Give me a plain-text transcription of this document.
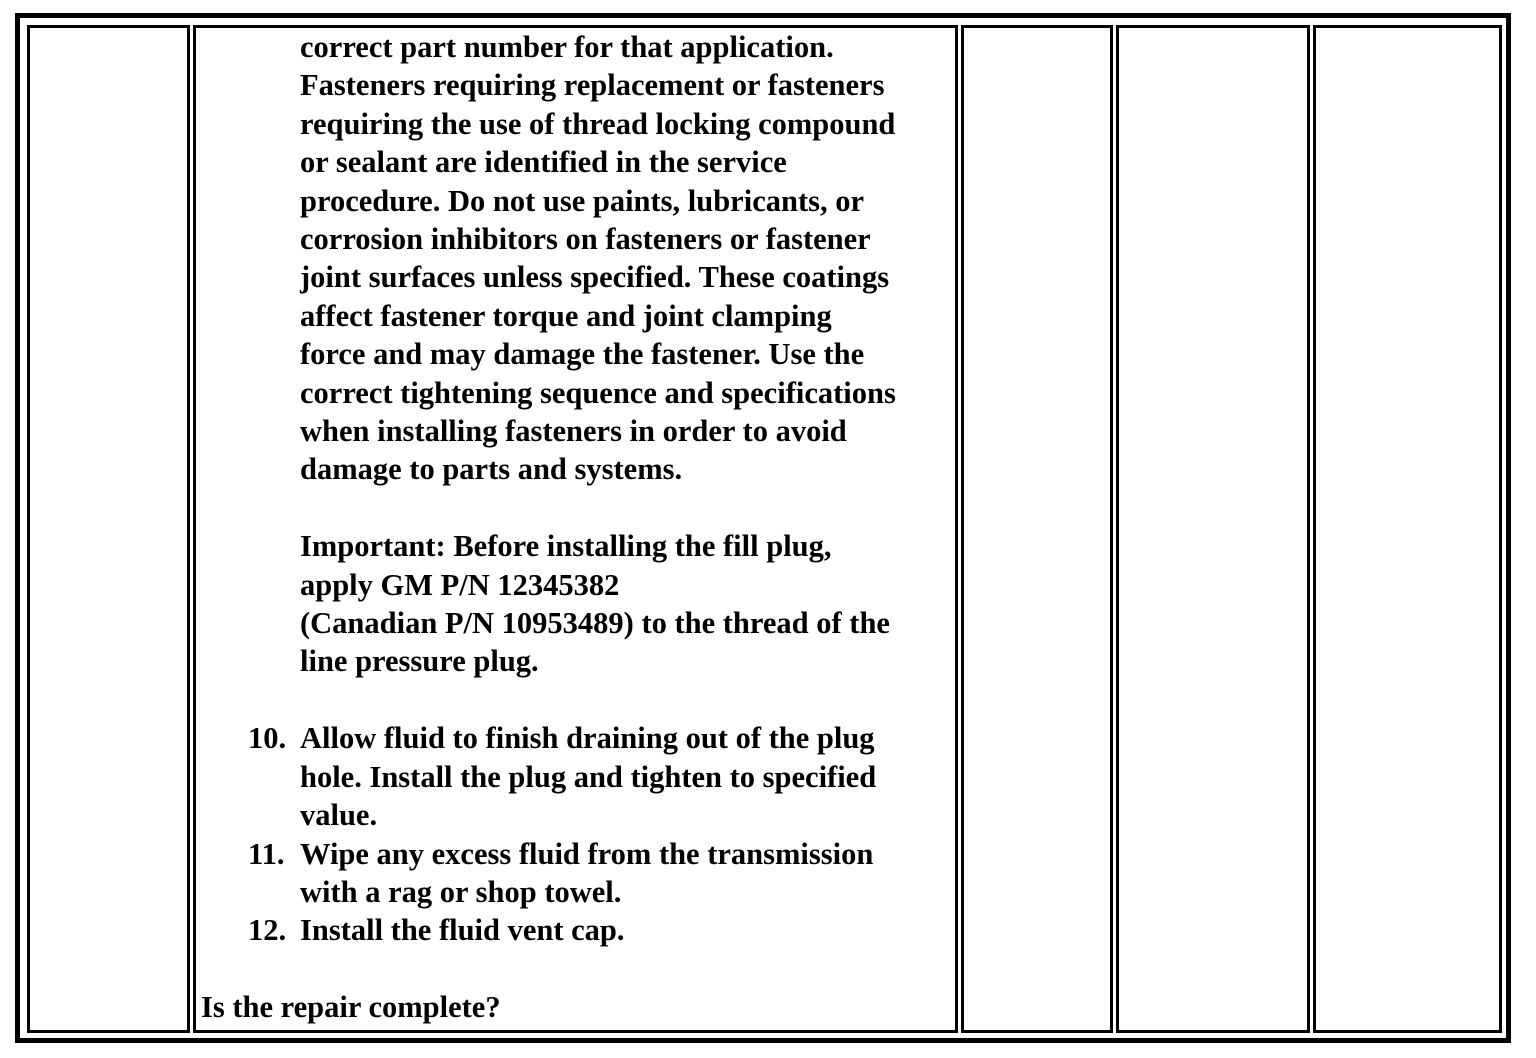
correct part number for that application.
Fasteners requiring replacement or fasteners
requiring the use of thread locking compound
or sealant are identified in the service
procedure. Do not use paints, lubricants, or
corrosion inhibitors on fasteners or fastener
joint surfaces unless specified. These coatings
affect fastener torque and joint clamping
force and may damage the fastener. Use the
correct tightening sequence and specifications
when installing fasteners in order to avoid
damage to parts and systems.
Important: Before installing the fill plug,
apply GM P/N 12345382
(Canadian P/N 10953489) to the thread of the
line pressure plug.
10. Allow fluid to finish draining out of the plug
hole. Install the plug and tighten to specified
value.
11. Wipe any excess fluid from the transmission
with a rag or shop towel.
12. Install the fluid vent cap.
Is the repair complete?
